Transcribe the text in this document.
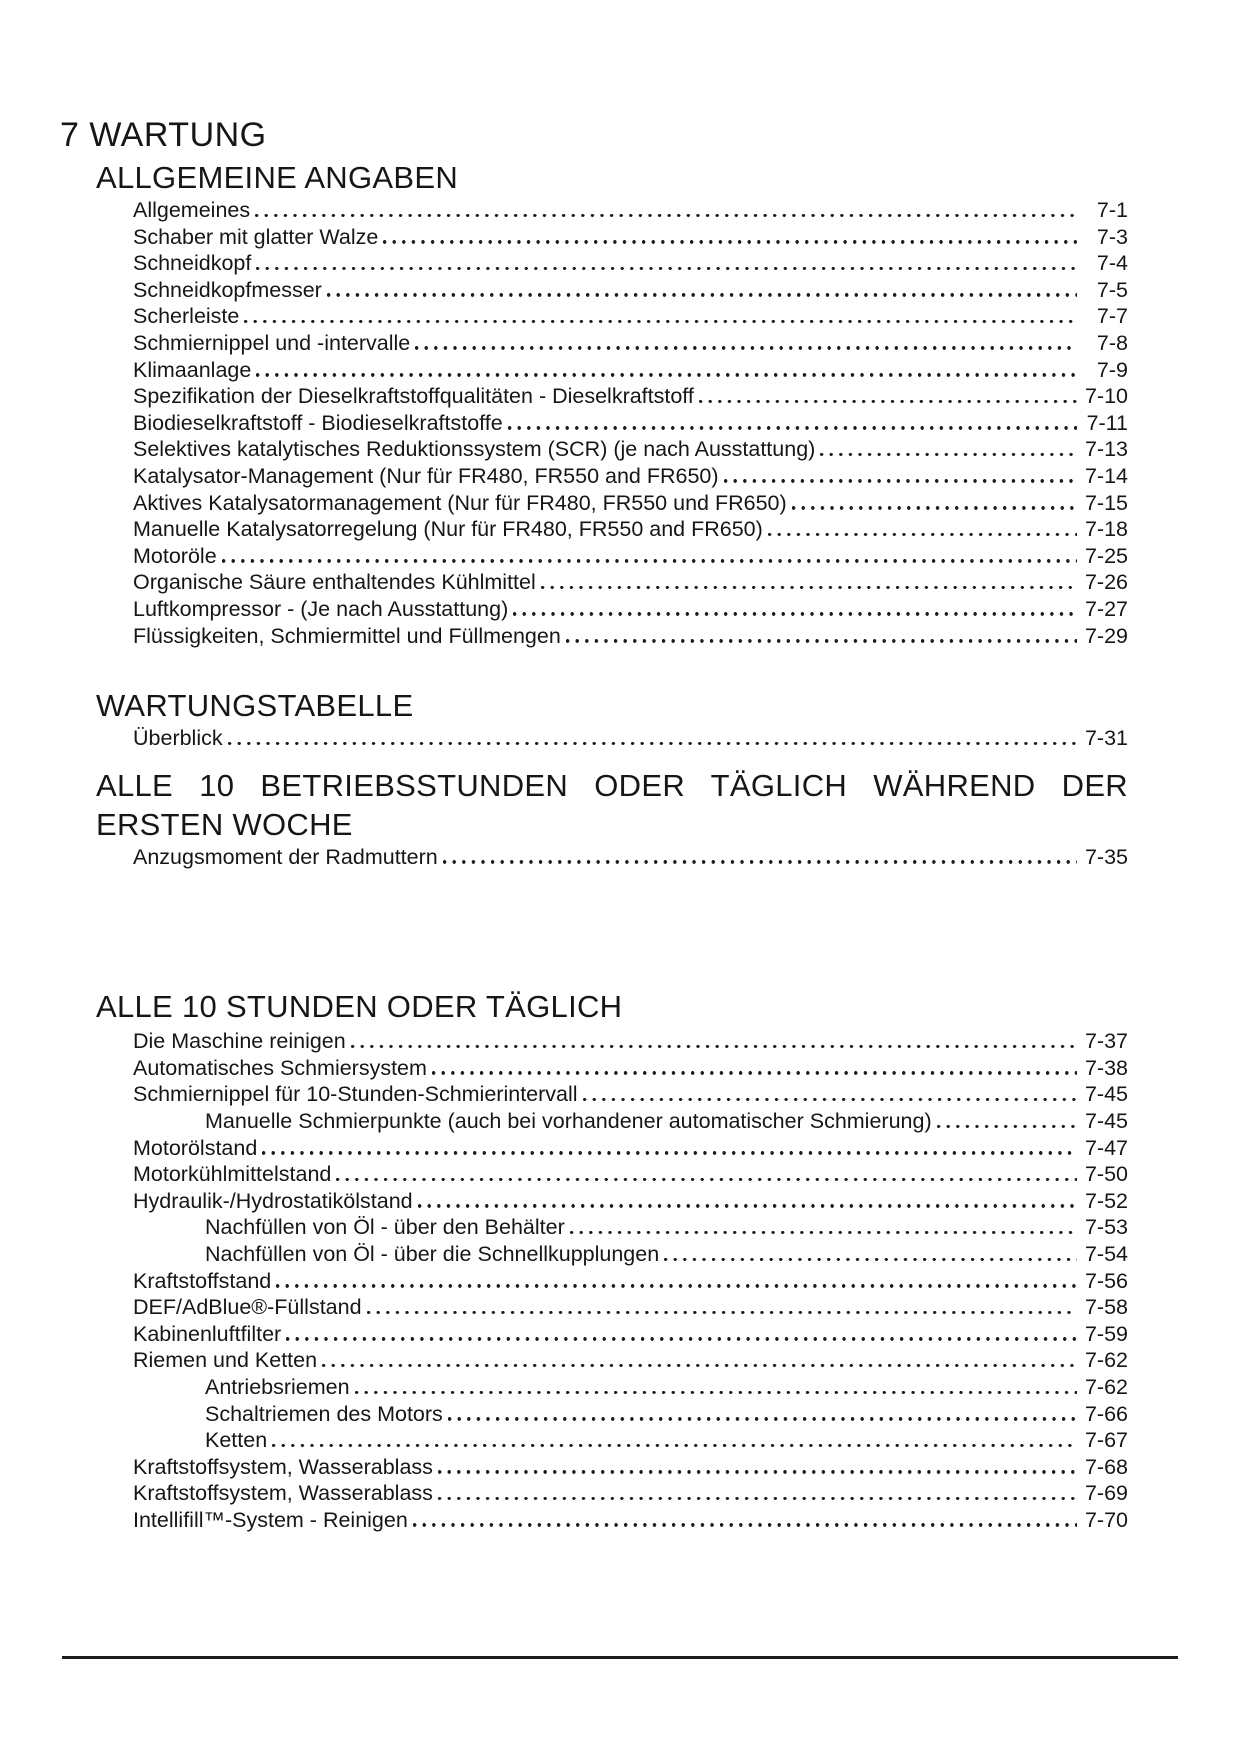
7 WARTUNG
ALLGEMEINE ANGABEN
Allgemeines	7-1
Schaber mit glatter Walze	7-3
Schneidkopf	7-4
Schneidkopfmesser	7-5
Scherleiste	7-7
Schmiernippel und -intervalle	7-8
Klimaanlage	7-9
Spezifikation der Dieselkraftstoffqualitäten - Dieselkraftstoff	7-10
Biodieselkraftstoff - Biodieselkraftstoffe	7-11
Selektives katalytisches Reduktionssystem (SCR) (je nach Ausstattung)	7-13
Katalysator-Management (Nur für FR480, FR550 and FR650)	7-14
Aktives Katalysatormanagement (Nur für FR480, FR550 und FR650)	7-15
Manuelle Katalysatorregelung (Nur für FR480, FR550 and FR650)	7-18
Motoröle	7-25
Organische Säure enthaltendes Kühlmittel	7-26
Luftkompressor - (Je nach Ausstattung)	7-27
Flüssigkeiten, Schmiermittel und Füllmengen	7-29
WARTUNGSTABELLE
Überblick	7-31
ALLE 10 BETRIEBSSTUNDEN ODER TÄGLICH WÄHREND DER
ERSTEN WOCHE
Anzugsmoment der Radmuttern	7-35
ALLE 10 STUNDEN ODER TÄGLICH
Die Maschine reinigen	7-37
Automatisches Schmiersystem	7-38
Schmiernippel für 10-Stunden-Schmierintervall	7-45
Manuelle Schmierpunkte (auch bei vorhandener automatischer Schmierung)	7-45
Motorölstand	7-47
Motorkühlmittelstand	7-50
Hydraulik-/Hydrostatikölstand	7-52
Nachfüllen von Öl - über den Behälter	7-53
Nachfüllen von Öl - über die Schnellkupplungen	7-54
Kraftstoffstand	7-56
DEF/AdBlue®-Füllstand	7-58
Kabinenluftfilter	7-59
Riemen und Ketten	7-62
Antriebsriemen	7-62
Schaltriemen des Motors	7-66
Ketten	7-67
Kraftstoffsystem, Wasserablass	7-68
Kraftstoffsystem, Wasserablass	7-69
Intellifill™-System - Reinigen	7-70
